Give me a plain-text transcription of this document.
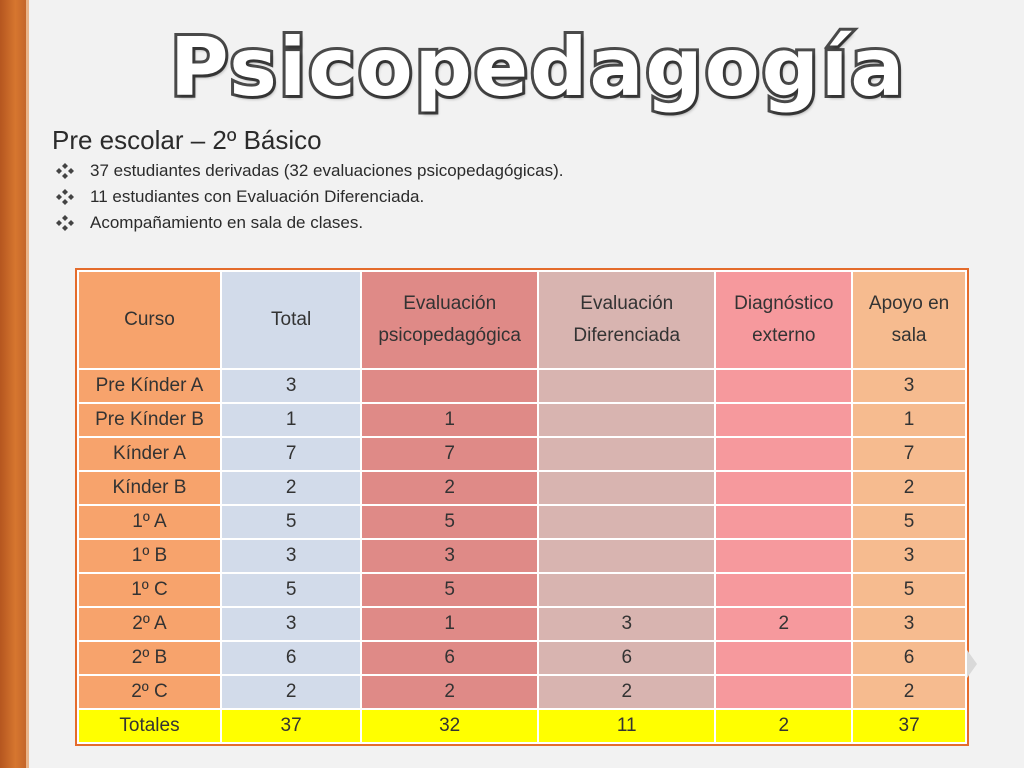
Psicopedagogía
Pre escolar – 2º Básico
37 estudiantes derivadas (32 evaluaciones psicopedagógicas).
11 estudiantes con Evaluación Diferenciada.
Acompañamiento en sala de clases.
Curso	Total	Evaluación psicopedagógica	Evaluación Diferenciada	Diagnóstico externo	Apoyo en sala
Pre Kínder A	3				3
Pre Kínder B	1	1			1
Kínder A	7	7			7
Kínder B	2	2			2
1º A	5	5			5
1º B	3	3			3
1º C	5	5			5
2º A	3	1	3	2	3
2º B	6	6	6		6
2º C	2	2	2		2
Totales	37	32	11	2	37
